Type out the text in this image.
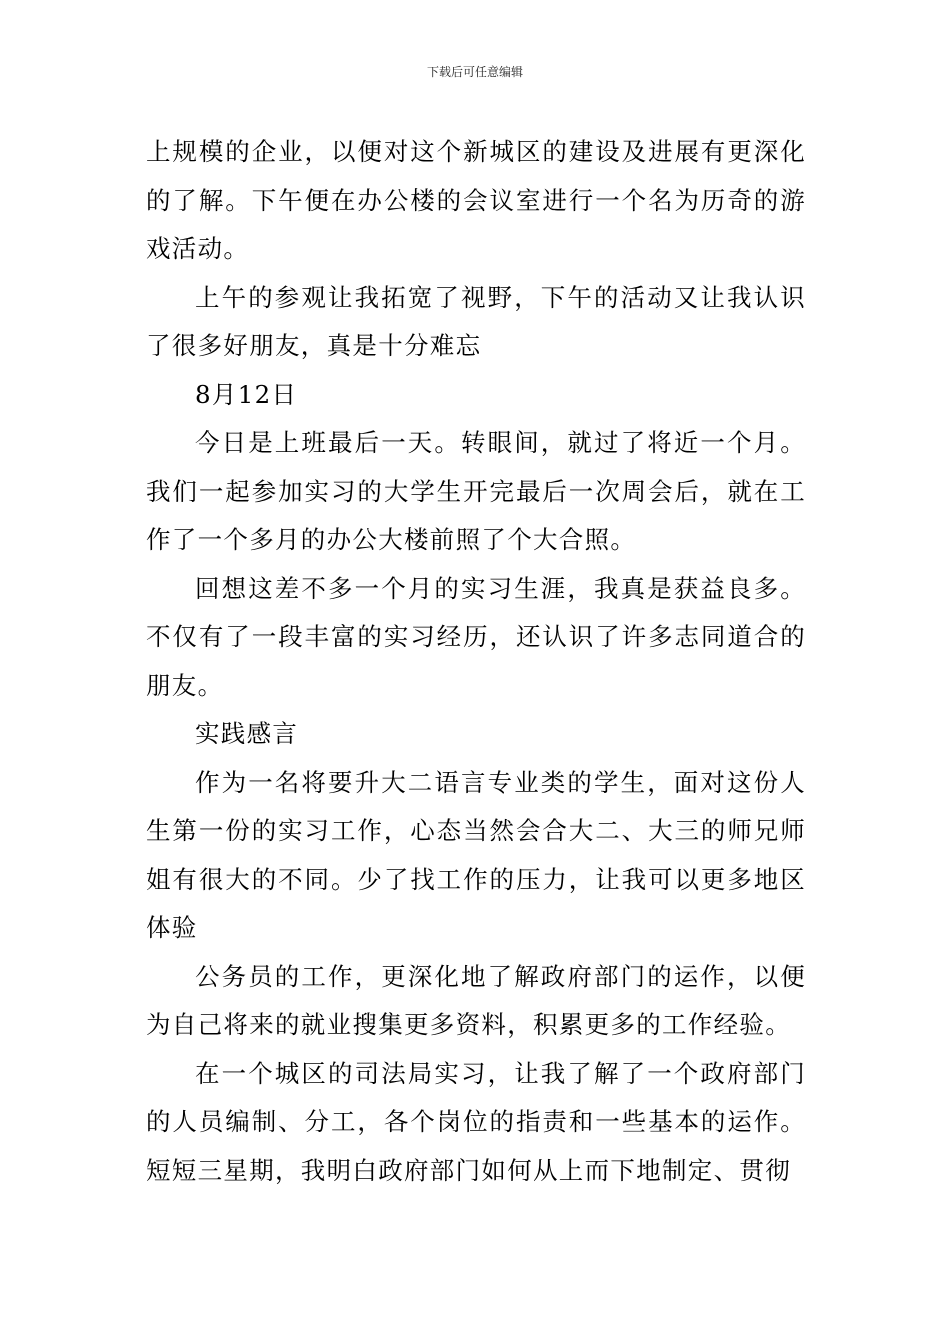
下载后可任意编辑

上规模的企业，以便对这个新城区的建设及进展有更深化的了解。下午便在办公楼的会议室进行一个名为历奇的游戏活动。

上午的参观让我拓宽了视野，下午的活动又让我认识了很多好朋友，真是十分难忘

8月12日

今日是上班最后一天。转眼间，就过了将近一个月。我们一起参加实习的大学生开完最后一次周会后，就在工作了一个多月的办公大楼前照了个大合照。

回想这差不多一个月的实习生涯，我真是获益良多。不仅有了一段丰富的实习经历，还认识了许多志同道合的朋友。

实践感言

作为一名将要升大二语言专业类的学生，面对这份人生第一份的实习工作，心态当然会合大二、大三的师兄师姐有很大的不同。少了找工作的压力，让我可以更多地区体验

公务员的工作，更深化地了解政府部门的运作，以便为自己将来的就业搜集更多资料，积累更多的工作经验。

在一个城区的司法局实习，让我了解了一个政府部门的人员编制、分工，各个岗位的指责和一些基本的运作。短短三星期，我明白政府部门如何从上而下地制定、贯彻
